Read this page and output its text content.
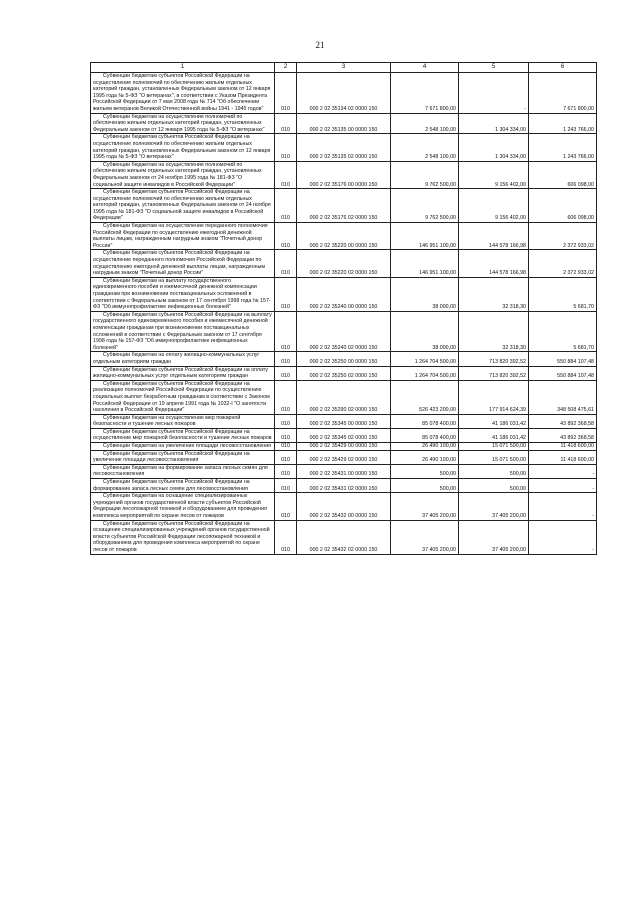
21
1	2	3	4	5	6
Субвенции бюджетам субъектов Российской Федерации на осуществление полномочий по обеспечению жильем отдельных категорий граждан, установленных Федеральным законом от 12 января 1995 года № 5-ФЗ "О ветеранах", в соответствии с Указом Президента Российской Федерации от 7 мая 2008 года № 714 "Об обеспечении жильем ветеранов Великой Отечественной войны 1941 - 1945 годов"	010	000 2 02 35134 02 0000 150	7 671 800,00	-	7 671 800,00
Субвенции бюджетам на осуществление полномочий по обеспечению жильем отдельных категорий граждан, установленных Федеральным законом от 12 января 1995 года № 5-ФЗ "О ветеранах"	010	000 2 02 35135 00 0000 150	2 548 100,00	1 304 334,00	1 243 766,00
Субвенции бюджетам субъектов Российской Федерации на осуществление полномочий по обеспечению жильем отдельных категорий граждан, установленных Федеральным законом от 12 января 1995 года № 5-ФЗ "О ветеранах"	010	000 2 02 35135 02 0000 150	2 548 100,00	1 304 334,00	1 243 766,00
Субвенции бюджетам на осуществление полномочий по обеспечению жильем отдельных категорий граждан, установленных Федеральным законом от 24 ноября 1995 года № 181-ФЗ "О социальной защите инвалидов в Российской Федерации"	010	000 2 02 35176 00 0000 150	9 762 500,00	9 156 402,00	606 098,00
Субвенции бюджетам субъектов Российской Федерации на осуществление полномочий по обеспечению жильем отдельных категорий граждан, установленных Федеральным законом от 24 ноября 1995 года № 181-ФЗ "О социальной защите инвалидов в Российской Федерации"	010	000 2 02 35176 02 0000 150	9 762 500,00	9 156 402,00	606 098,00
Субвенции бюджетам на осуществление переданного полномочия Российской Федерации по осуществлению ежегодной денежной выплаты лицам, награжденным нагрудным знаком "Почетный донор России"	010	000 2 02 35220 00 0000 150	146 951 100,00	144 578 166,98	2 372 933,02
Субвенции бюджетам субъектов Российской Федерации на осуществление переданного полномочия Российской Федерации по осуществлению ежегодной денежной выплаты лицам, награжденным нагрудным знаком "Почетный донор России"	010	000 2 02 35220 02 0000 150	146 951 100,00	144 578 166,98	2 372 933,02
Субвенции бюджетам на выплату государственного единовременного пособия и ежемесячной денежной компенсации гражданам при возникновении поствакцинальных осложнений в соответствии с Федеральным законом от 17 сентября 1998 года № 157-ФЗ "Об иммунопрофилактике инфекционных болезней"	010	000 2 02 35240 00 0000 150	38 000,00	32 318,30	5 681,70
Субвенции бюджетам субъектов Российской Федерации на выплату государственного единовременного пособия и ежемесячной денежной компенсации гражданам при возникновении поствакцинальных осложнений в соответствии с Федеральным законом от 17 сентября 1998 года № 157-ФЗ "Об иммунопрофилактике инфекционных болезней"	010	000 2 02 35240 02 0000 150	38 000,00	32 318,30	5 681,70
Субвенции бюджетам на оплату жилищно-коммунальных услуг отдельным категориям граждан	010	000 2 02 35250 00 0000 150	1 264 704 500,00	713 820 392,52	550 884 107,48
Субвенции бюджетам субъектов Российской Федерации на оплату жилищно-коммунальных услуг отдельным категориям граждан	010	000 2 02 35250 02 0000 150	1 264 704 500,00	713 820 392,52	550 884 107,48
Субвенции бюджетам субъектов Российской Федерации на реализацию полномочий Российской Федерации по осуществлению социальных выплат безработным гражданам в соответствии с Законом Российской Федерации от 19 апреля 1991 года № 1032-I "О занятости населения в Российской Федерации"	010	000 2 02 35290 02 0000 150	526 423 200,00	177 914 624,39	348 508 475,61
Субвенции бюджетам на осуществление мер пожарной безопасности и тушение лесных пожаров	010	000 2 02 35345 00 0000 150	85 078 400,00	41 186 031,42	43 892 368,58
Субвенции бюджетам субъектов Российской Федерации на осуществление мер пожарной безопасности и тушение лесных пожаров	010	000 2 02 35345 02 0000 150	85 078 400,00	41 186 031,42	43 892 368,58
Субвенции бюджетам на увеличение площади лесовосстановления	010	000 2 02 35429 00 0000 150	26 490 100,00	15 071 500,00	11 418 600,00
Субвенции бюджетам субъектов Российской Федерации на увеличение площади лесовосстановления	010	000 2 02 35429 02 0000 150	26 490 100,00	15 071 500,00	11 418 600,00
Субвенции бюджетам на формирование запаса лесных семян для лесовосстановления	010	000 2 02 35431 00 0000 150	500,00	500,00	-
Субвенции бюджетам субъектов Российской Федерации на формирование запаса лесных семян для лесовосстановления	010	000 2 02 35431 02 0000 150	500,00	500,00	-
Субвенции бюджетам на оснащение специализированных учреждений органов государственной власти субъектов Российской Федерации лесопожарной техникой и оборудованием для проведения комплекса мероприятий по охране лесов от пожаров	010	000 2 02 35432 00 0000 150	37 405 200,00	37 405 200,00	-
Субвенции бюджетам субъектов Российской Федерации на оснащение специализированных учреждений органов государственной власти субъектов Российской Федерации лесопожарной техникой и оборудованием для проведения комплекса мероприятий по охране лесов от пожаров	010	000 2 02 35432 02 0000 150	37 405 200,00	37 405 200,00	-
